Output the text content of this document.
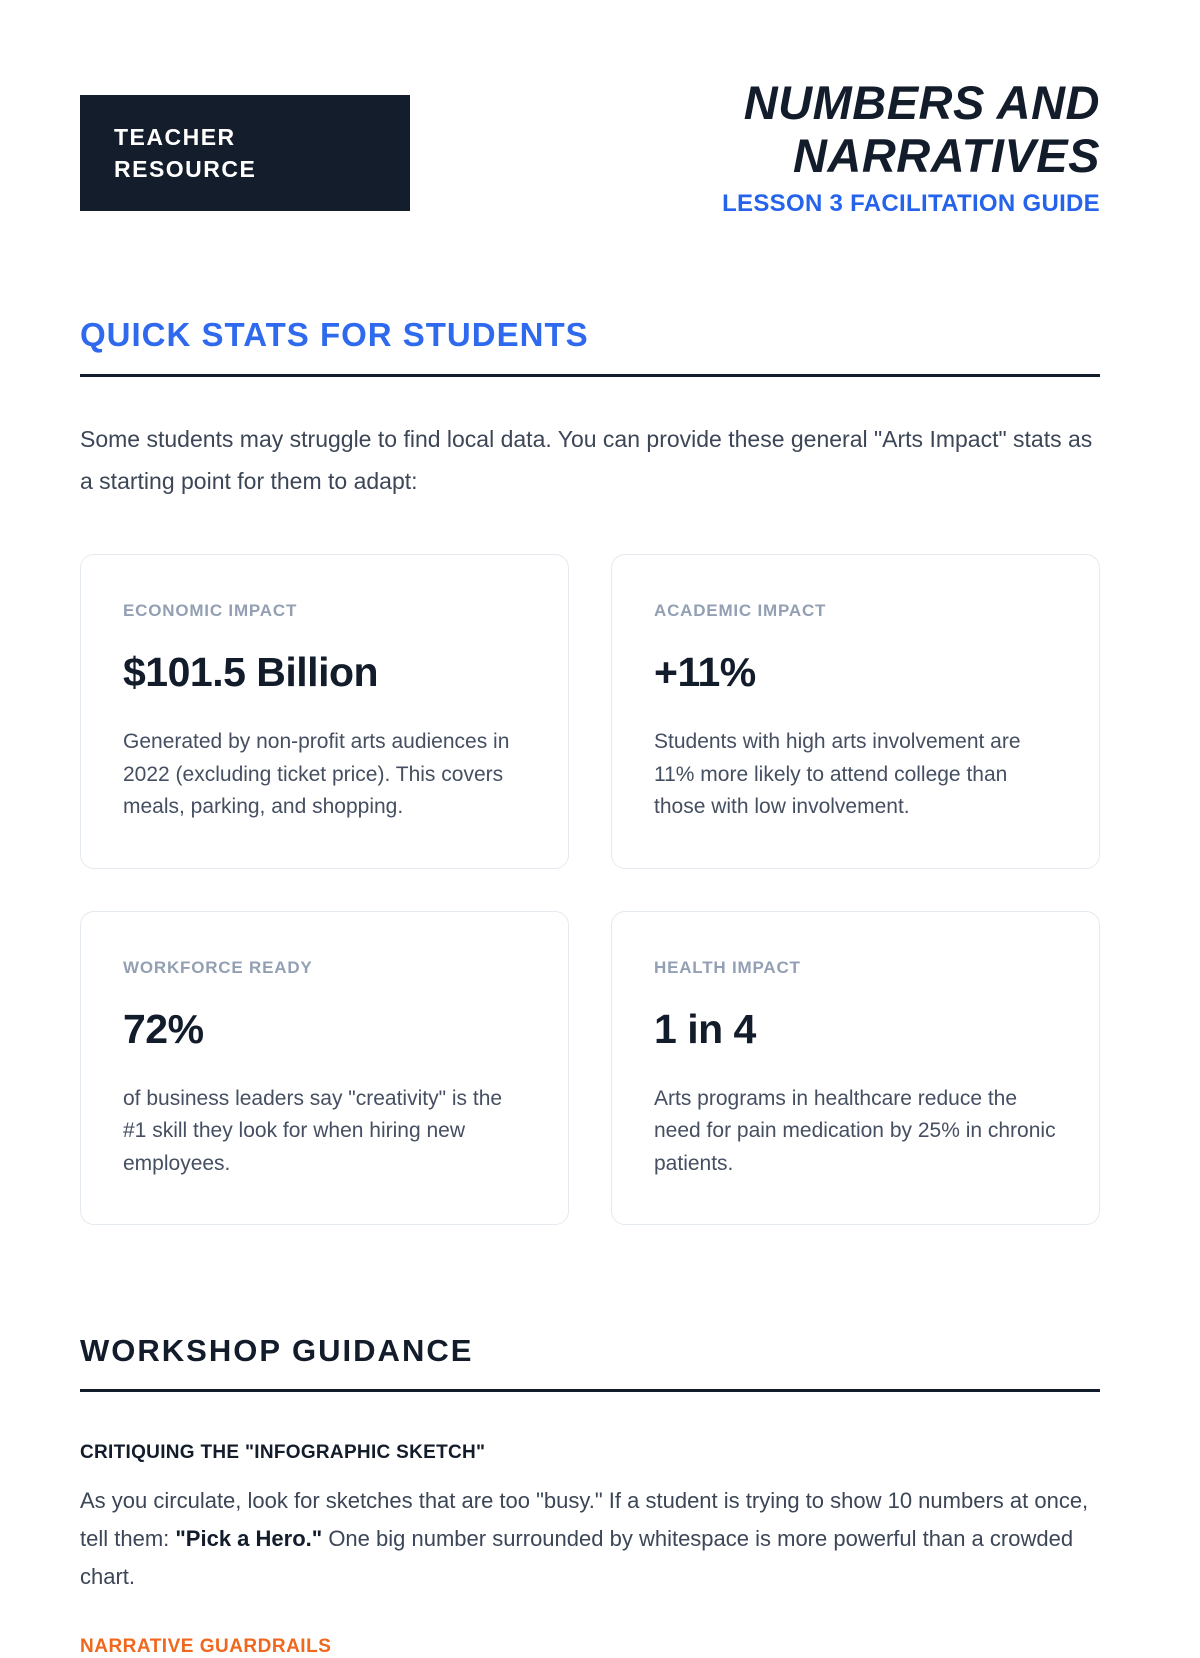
TEACHER
RESOURCE
NUMBERS AND
NARRATIVES
LESSON 3 FACILITATION GUIDE
QUICK STATS FOR STUDENTS

Some students may struggle to find local data. You can provide these general "Arts Impact" stats as a starting point for them to adapt:

ECONOMIC IMPACT
$101.5 Billion
Generated by non-profit arts audiences in 2022 (excluding ticket price). This covers meals, parking, and shopping.
ACADEMIC IMPACT
+11%
Students with high arts involvement are 11% more likely to attend college than those with low involvement.
WORKFORCE READY
72%
of business leaders say "creativity" is the #1 skill they look for when hiring new employees.
HEALTH IMPACT
1 in 4
Arts programs in healthcare reduce the need for pain medication by 25% in chronic patients.
WORKSHOP GUIDANCE
CRITIQUING THE "INFOGRAPHIC SKETCH"

As you circulate, look for sketches that are too "busy." If a student is trying to show 10 numbers at once, tell them: "Pick a Hero." One big number surrounded by whitespace is more powerful than a crowded chart.

NARRATIVE GUARDRAILS
